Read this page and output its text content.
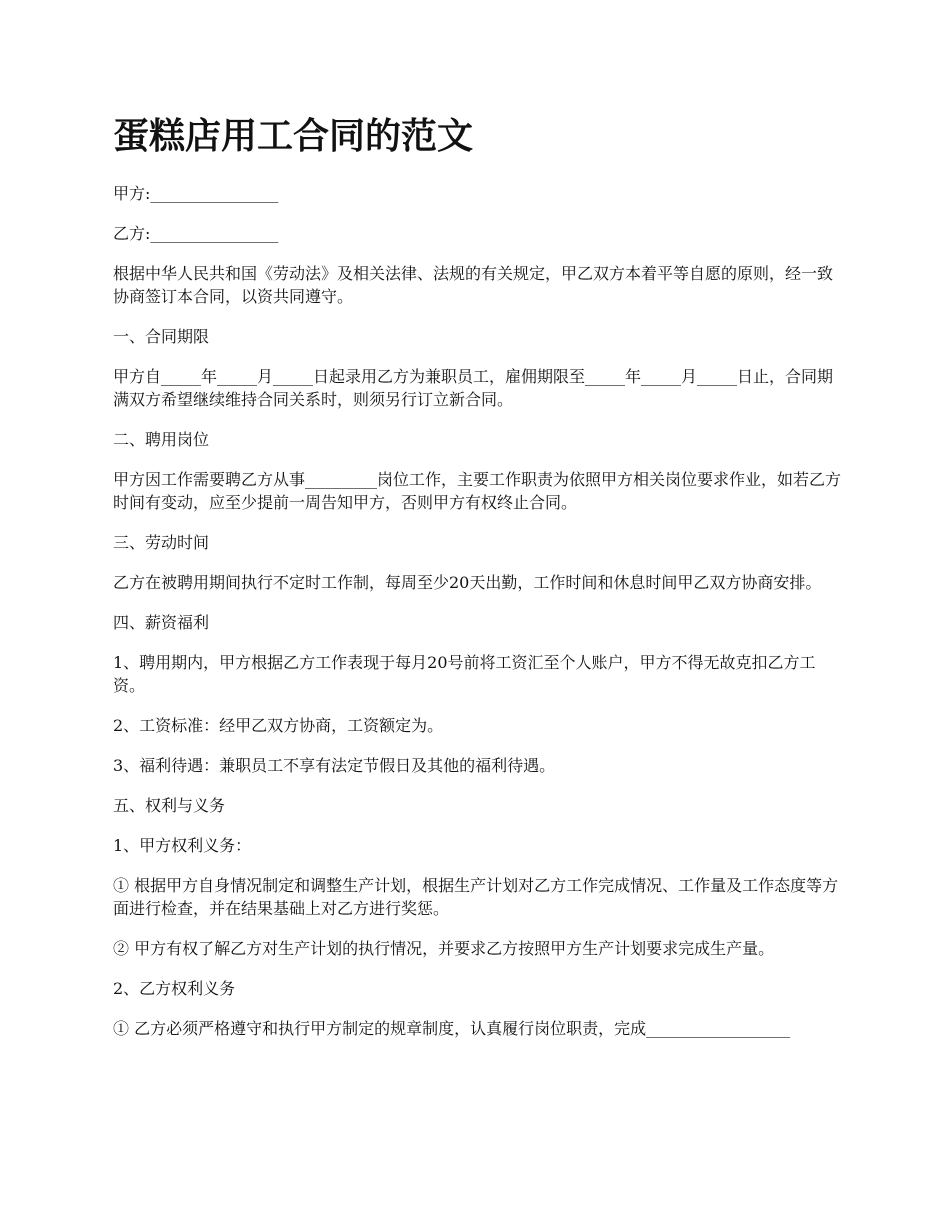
蛋糕店用工合同的范文

甲方:________________

乙方:________________

根据中华人民共和国《劳动法》及相关法律、法规的有关规定，甲乙双方本着平等自愿的原则，经一致协商签订本合同，以资共同遵守。

一、合同期限

甲方自_____年_____月_____日起录用乙方为兼职员工，雇佣期限至_____年_____月_____日止，合同期满双方希望继续维持合同关系时，则须另行订立新合同。

二、聘用岗位

甲方因工作需要聘乙方从事_________岗位工作，主要工作职责为依照甲方相关岗位要求作业，如若乙方时间有变动，应至少提前一周告知甲方，否则甲方有权终止合同。

三、劳动时间

乙方在被聘用期间执行不定时工作制，每周至少20天出勤，工作时间和休息时间甲乙双方协商安排。

四、薪资福利

1、聘用期内，甲方根据乙方工作表现于每月20号前将工资汇至个人账户，甲方不得无故克扣乙方工资。

2、工资标准：经甲乙双方协商，工资额定为。

3、福利待遇：兼职员工不享有法定节假日及其他的福利待遇。

五、权利与义务

1、甲方权利义务：

① 根据甲方自身情况制定和调整生产计划，根据生产计划对乙方工作完成情况、工作量及工作态度等方面进行检查，并在结果基础上对乙方进行奖惩。

② 甲方有权了解乙方对生产计划的执行情况，并要求乙方按照甲方生产计划要求完成生产量。

2、乙方权利义务

① 乙方必须严格遵守和执行甲方制定的规章制度，认真履行岗位职责，完成__________________
